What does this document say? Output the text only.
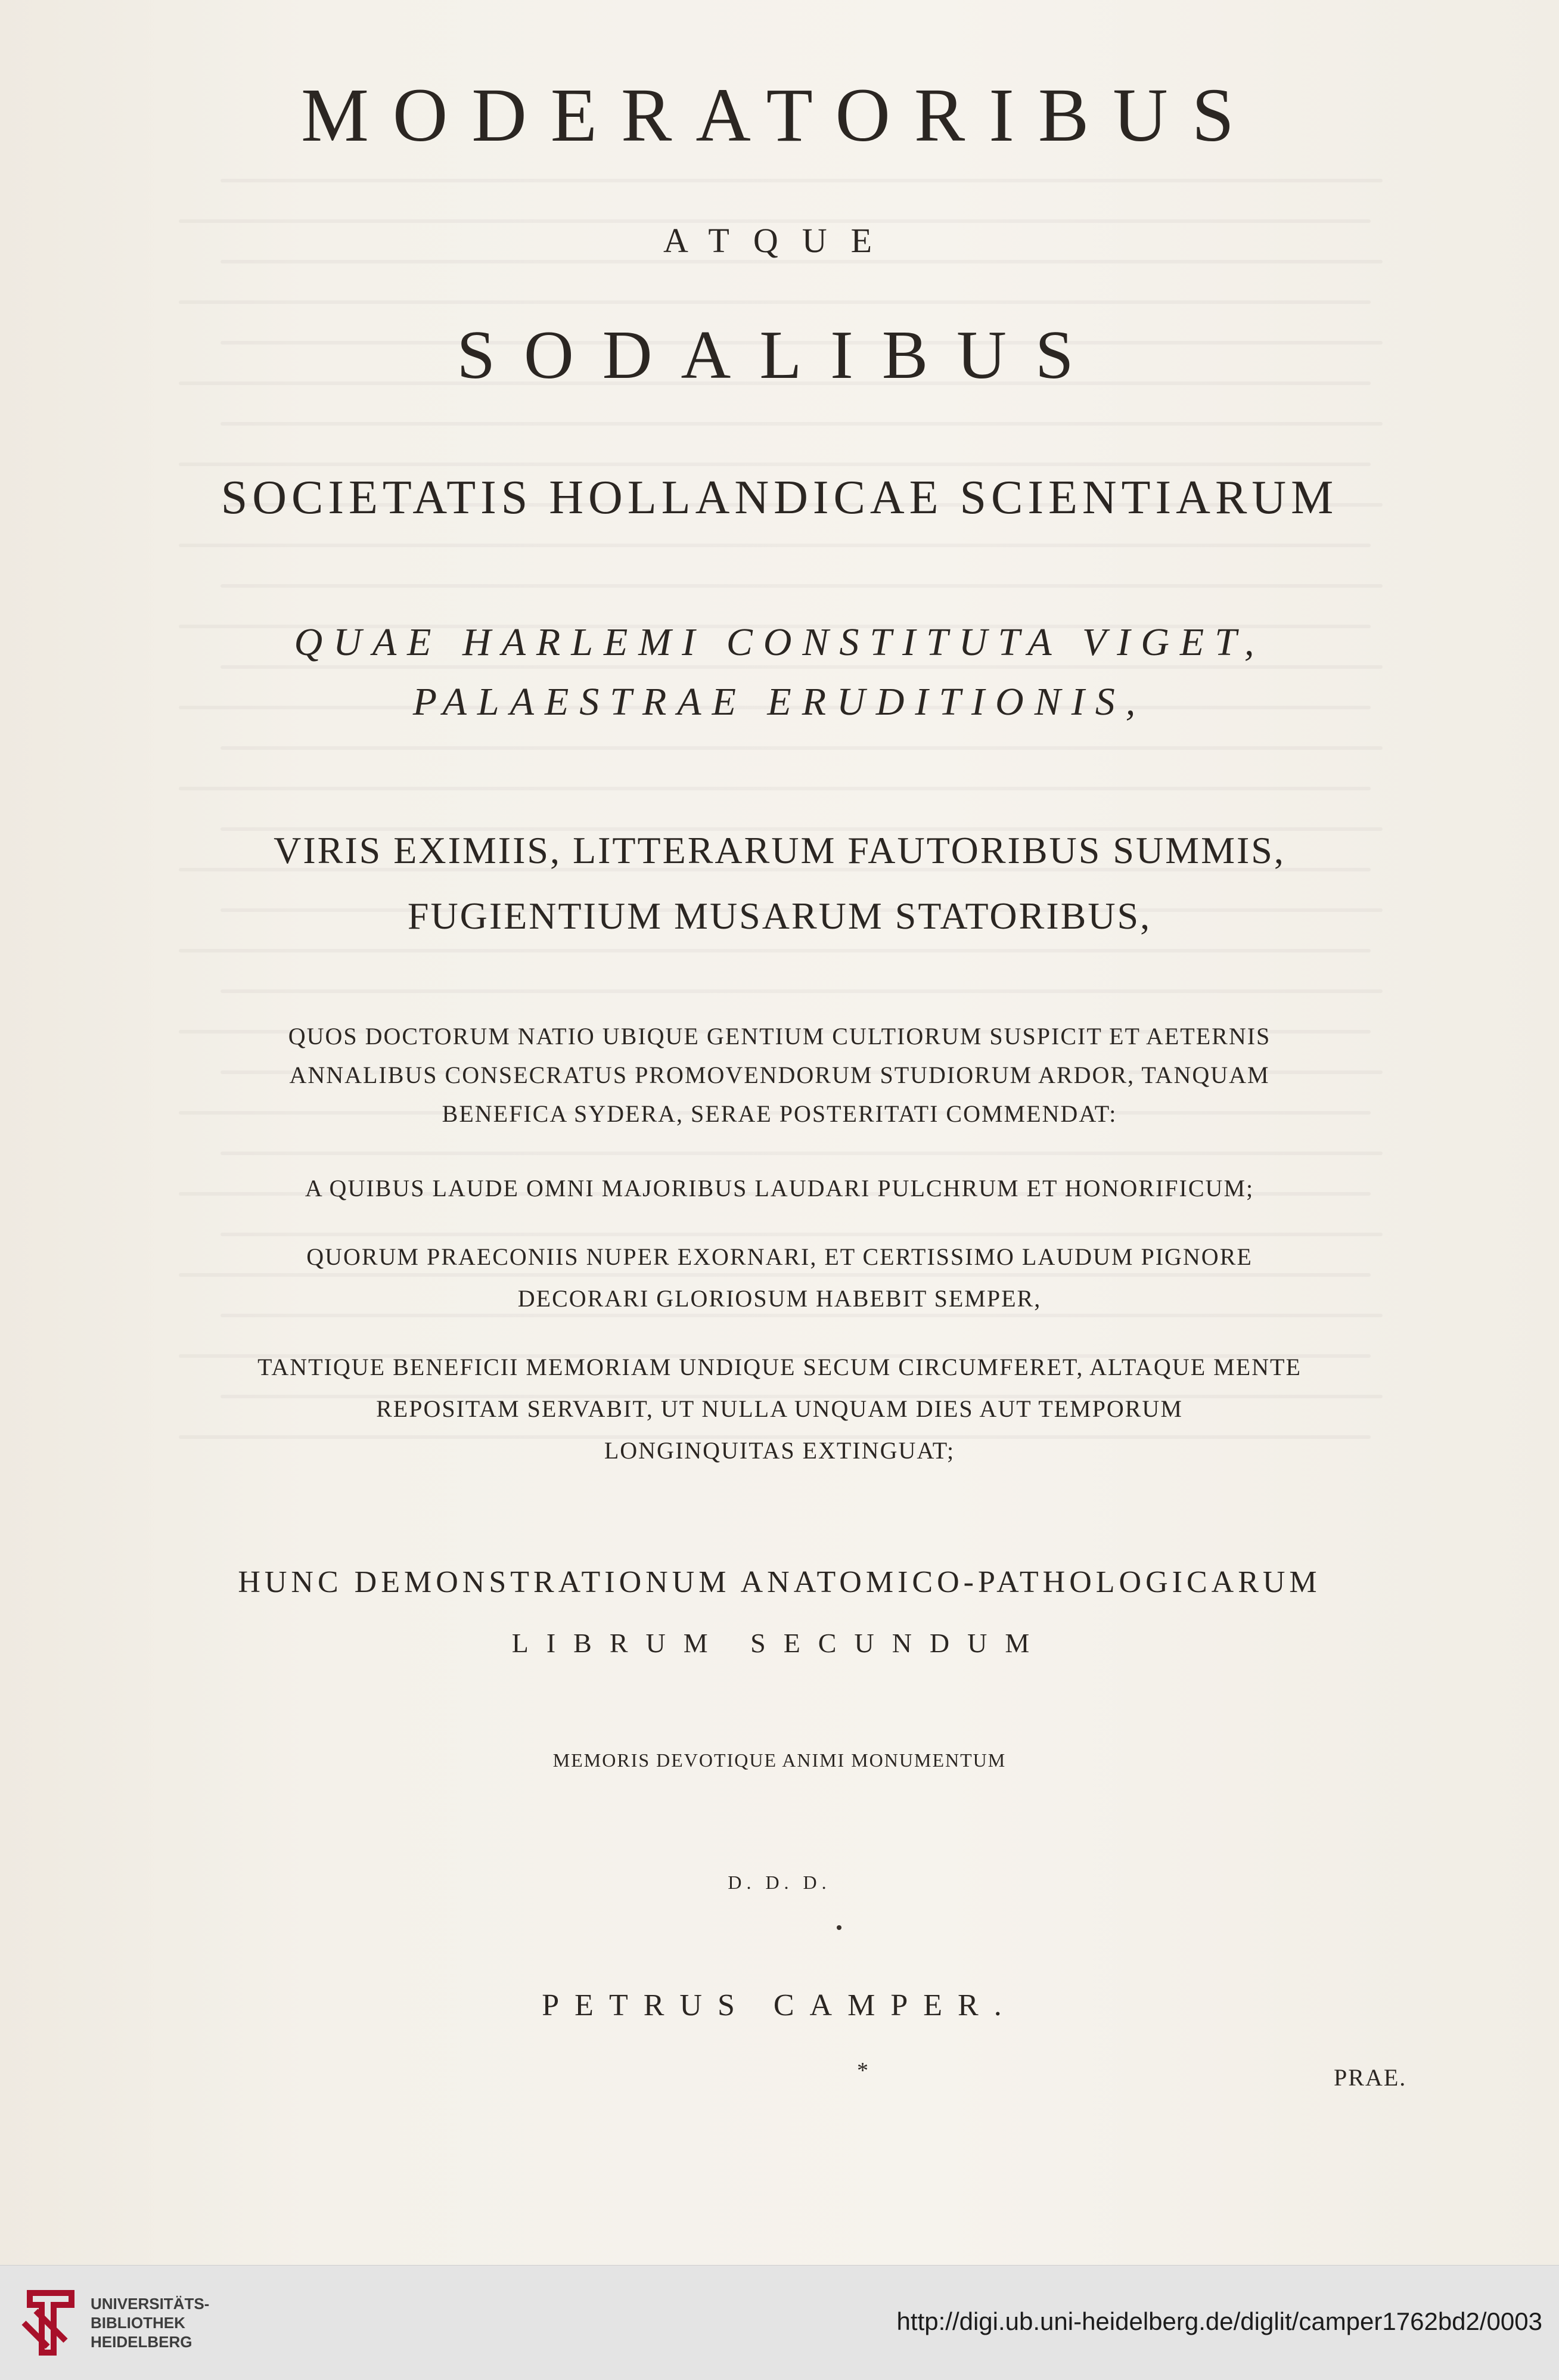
MODERATORIBUS
ATQUE
SODALIBUS
SOCIETATIS HOLLANDICAE SCIENTIARUM
QUAE HARLEMI CONSTITUTA VIGET,
PALAESTRAE ERUDITIONIS,
VIRIS EXIMIIS, LITTERARUM FAUTORIBUS SUMMIS,
FUGIENTIUM MUSARUM STATORIBUS,
QUOS DOCTORUM NATIO UBIQUE GENTIUM CULTIORUM SUSPICIT ET AETERNIS
ANNALIBUS CONSECRATUS PROMOVENDORUM STUDIORUM ARDOR, TANQUAM
BENEFICA SYDERA, SERAE POSTERITATI COMMENDAT:
A QUIBUS LAUDE OMNI MAJORIBUS LAUDARI PULCHRUM ET HONORIFICUM;
QUORUM PRAECONIIS NUPER EXORNARI, ET CERTISSIMO LAUDUM PIGNORE
DECORARI GLORIOSUM HABEBIT SEMPER,
TANTIQUE BENEFICII MEMORIAM UNDIQUE SECUM CIRCUMFERET, ALTAQUE MENTE
REPOSITAM SERVABIT, UT NULLA UNQUAM DIES AUT TEMPORUM
LONGINQUITAS EXTINGUAT;
HUNC DEMONSTRATIONUM ANATOMICO-PATHOLOGICARUM
LIBRUM SECUNDUM
MEMORIS DEVOTIQUE ANIMI MONUMENTUM
D. D. D.
PETRUS CAMPER.
*	PRAE.
UNIVERSITÄTS-
BIBLIOTHEK
HEIDELBERG
http://digi.ub.uni-heidelberg.de/diglit/camper1762bd2/0003
